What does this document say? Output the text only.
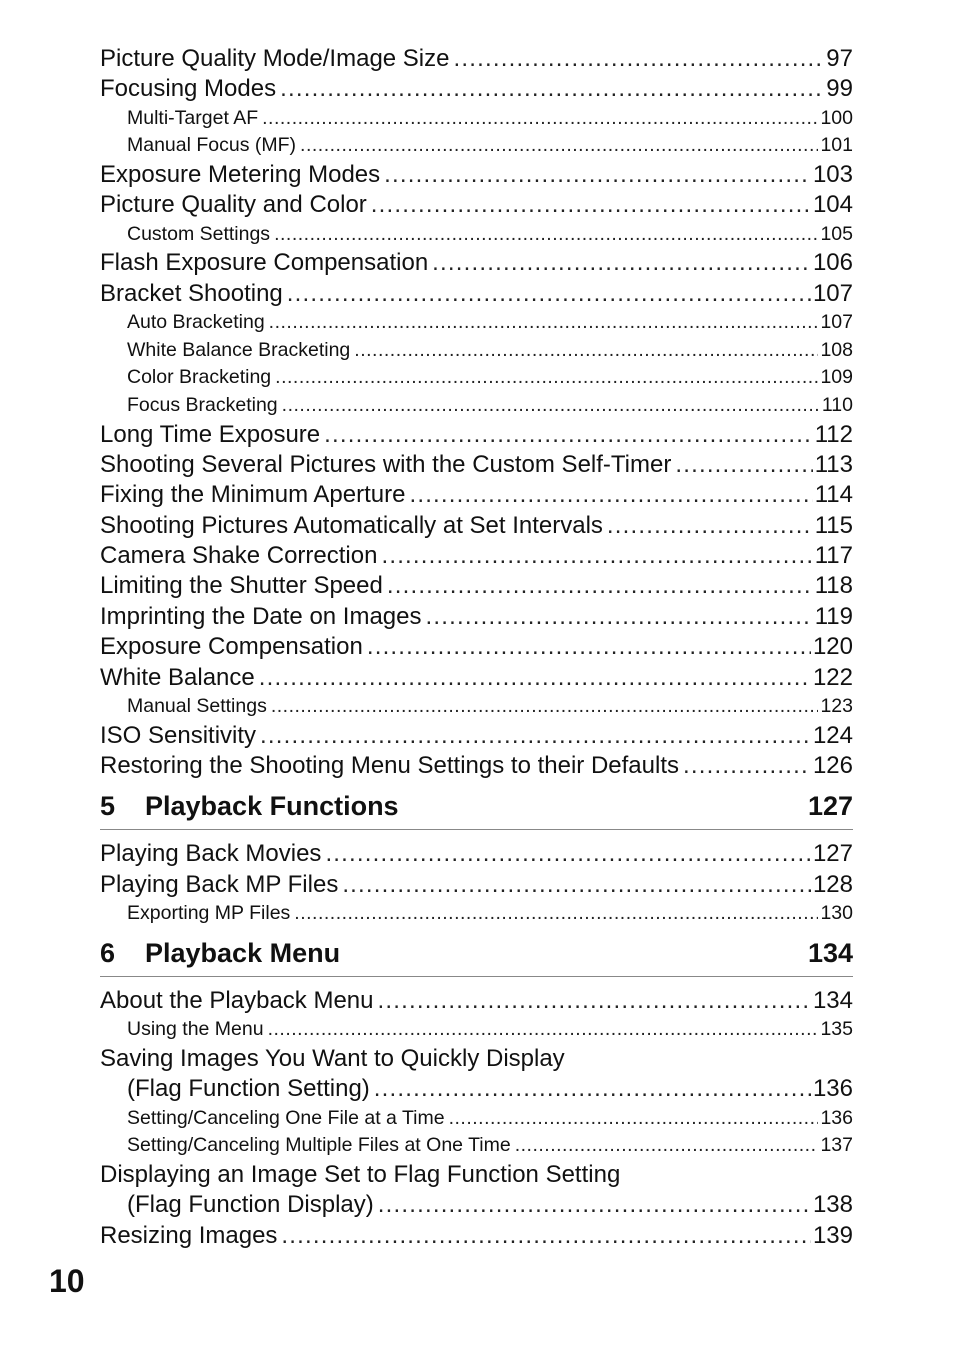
Picture Quality Mode/Image Size .....	97
Focusing Modes .....	99
Multi-Target AF .....	100
Manual Focus (MF) .....	101
Exposure Metering Modes .....	103
Picture Quality and Color .....	104
Custom Settings .....	105
Flash Exposure Compensation .....	106
Bracket Shooting .....	107
Auto Bracketing .....	107
White Balance Bracketing .....	108
Color Bracketing .....	109
Focus Bracketing .....	110
Long Time Exposure .....	112
Shooting Several Pictures with the Custom Self-Timer .....	113
Fixing the Minimum Aperture .....	114
Shooting Pictures Automatically at Set Intervals .....	115
Camera Shake Correction .....	117
Limiting the Shutter Speed .....	118
Imprinting the Date on Images .....	119
Exposure Compensation .....	120
White Balance .....	122
Manual Settings .....	123
ISO Sensitivity .....	124
Restoring the Shooting Menu Settings to their Defaults .....	126
5	Playback Functions	127
Playing Back Movies .....	127
Playing Back MP Files .....	128
Exporting MP Files .....	130
6	Playback Menu	134
About the Playback Menu .....	134
Using the Menu .....	135
Saving Images You Want to Quickly Display
(Flag Function Setting) .....	136
Setting/Canceling One File at a Time .....	136
Setting/Canceling Multiple Files at One Time .....	137
Displaying an Image Set to Flag Function Setting
(Flag Function Display) .....	138
Resizing Images .....	139
10
